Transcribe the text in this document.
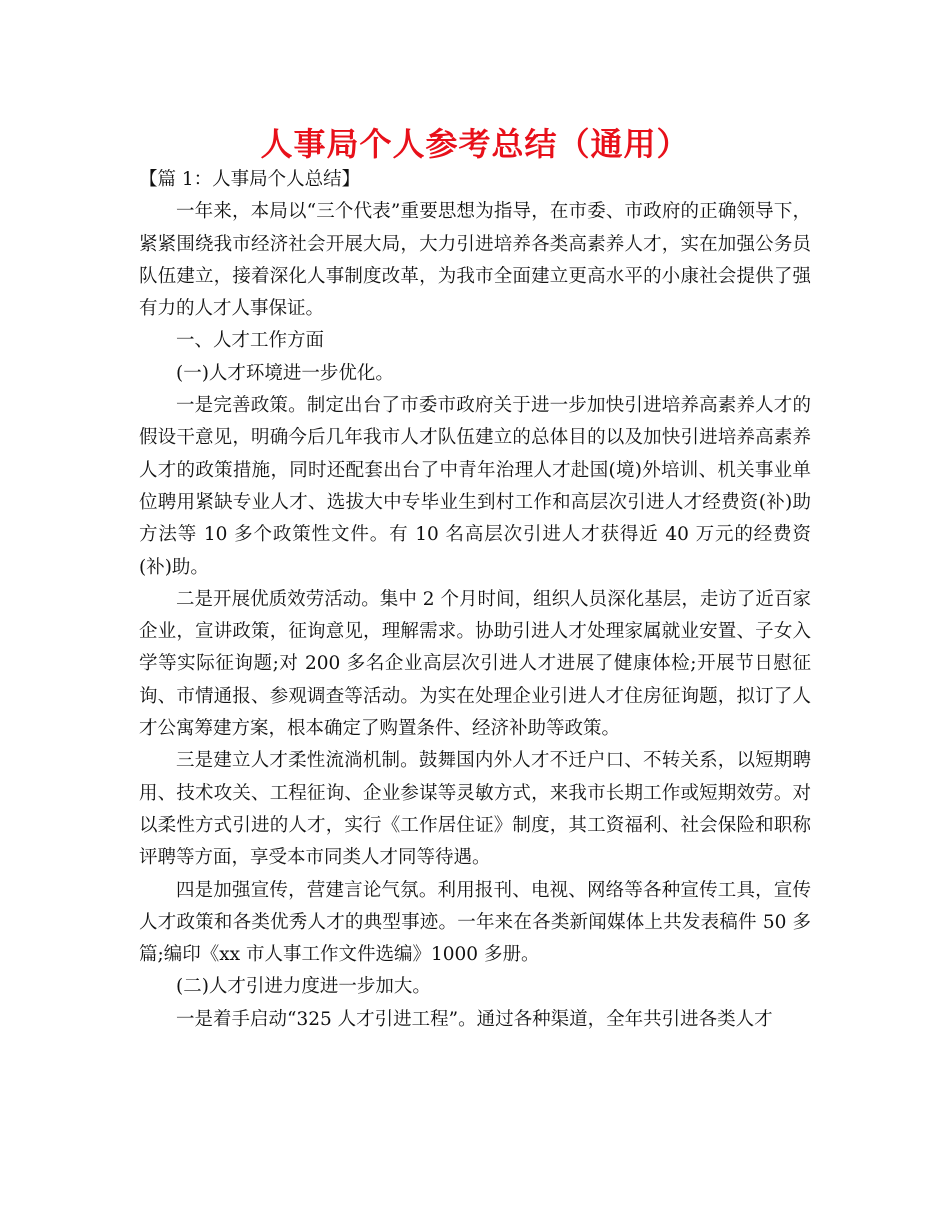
人事局个人参考总结（通用）

【篇 1：人事局个人总结】

一年来，本局以“三个代表”重要思想为指导，在市委、市政府的正确领导下，紧紧围绕我市经济社会开展大局，大力引进培养各类高素养人才，实在加强公务员队伍建立，接着深化人事制度改革，为我市全面建立更高水平的小康社会提供了强有力的人才人事保证。

一、人才工作方面

(一)人才环境进一步优化。

一是完善政策。制定出台了市委市政府关于进一步加快引进培养高素养人才的假设干意见，明确今后几年我市人才队伍建立的总体目的以及加快引进培养高素养人才的政策措施，同时还配套出台了中青年治理人才赴国(境)外培训、机关事业单位聘用紧缺专业人才、选拔大中专毕业生到村工作和高层次引进人才经费资(补)助方法等 10 多个政策性文件。有 10 名高层次引进人才获得近 40 万元的经费资(补)助。

二是开展优质效劳活动。集中 2 个月时间，组织人员深化基层，走访了近百家企业，宣讲政策，征询意见，理解需求。协助引进人才处理家属就业安置、子女入学等实际征询题;对 200 多名企业高层次引进人才进展了健康体检;开展节日慰征询、市情通报、参观调查等活动。为实在处理企业引进人才住房征询题，拟订了人才公寓筹建方案，根本确定了购置条件、经济补助等政策。

三是建立人才柔性流淌机制。鼓舞国内外人才不迁户口、不转关系，以短期聘用、技术攻关、工程征询、企业参谋等灵敏方式，来我市长期工作或短期效劳。对以柔性方式引进的人才，实行《工作居住证》制度，其工资福利、社会保险和职称评聘等方面，享受本市同类人才同等待遇。

四是加强宣传，营建言论气氛。利用报刊、电视、网络等各种宣传工具，宣传人才政策和各类优秀人才的典型事迹。一年来在各类新闻媒体上共发表稿件 50 多篇;编印《xx 市人事工作文件选编》1000 多册。

(二)人才引进力度进一步加大。

一是着手启动“325 人才引进工程”。通过各种渠道，全年共引进各类人才
